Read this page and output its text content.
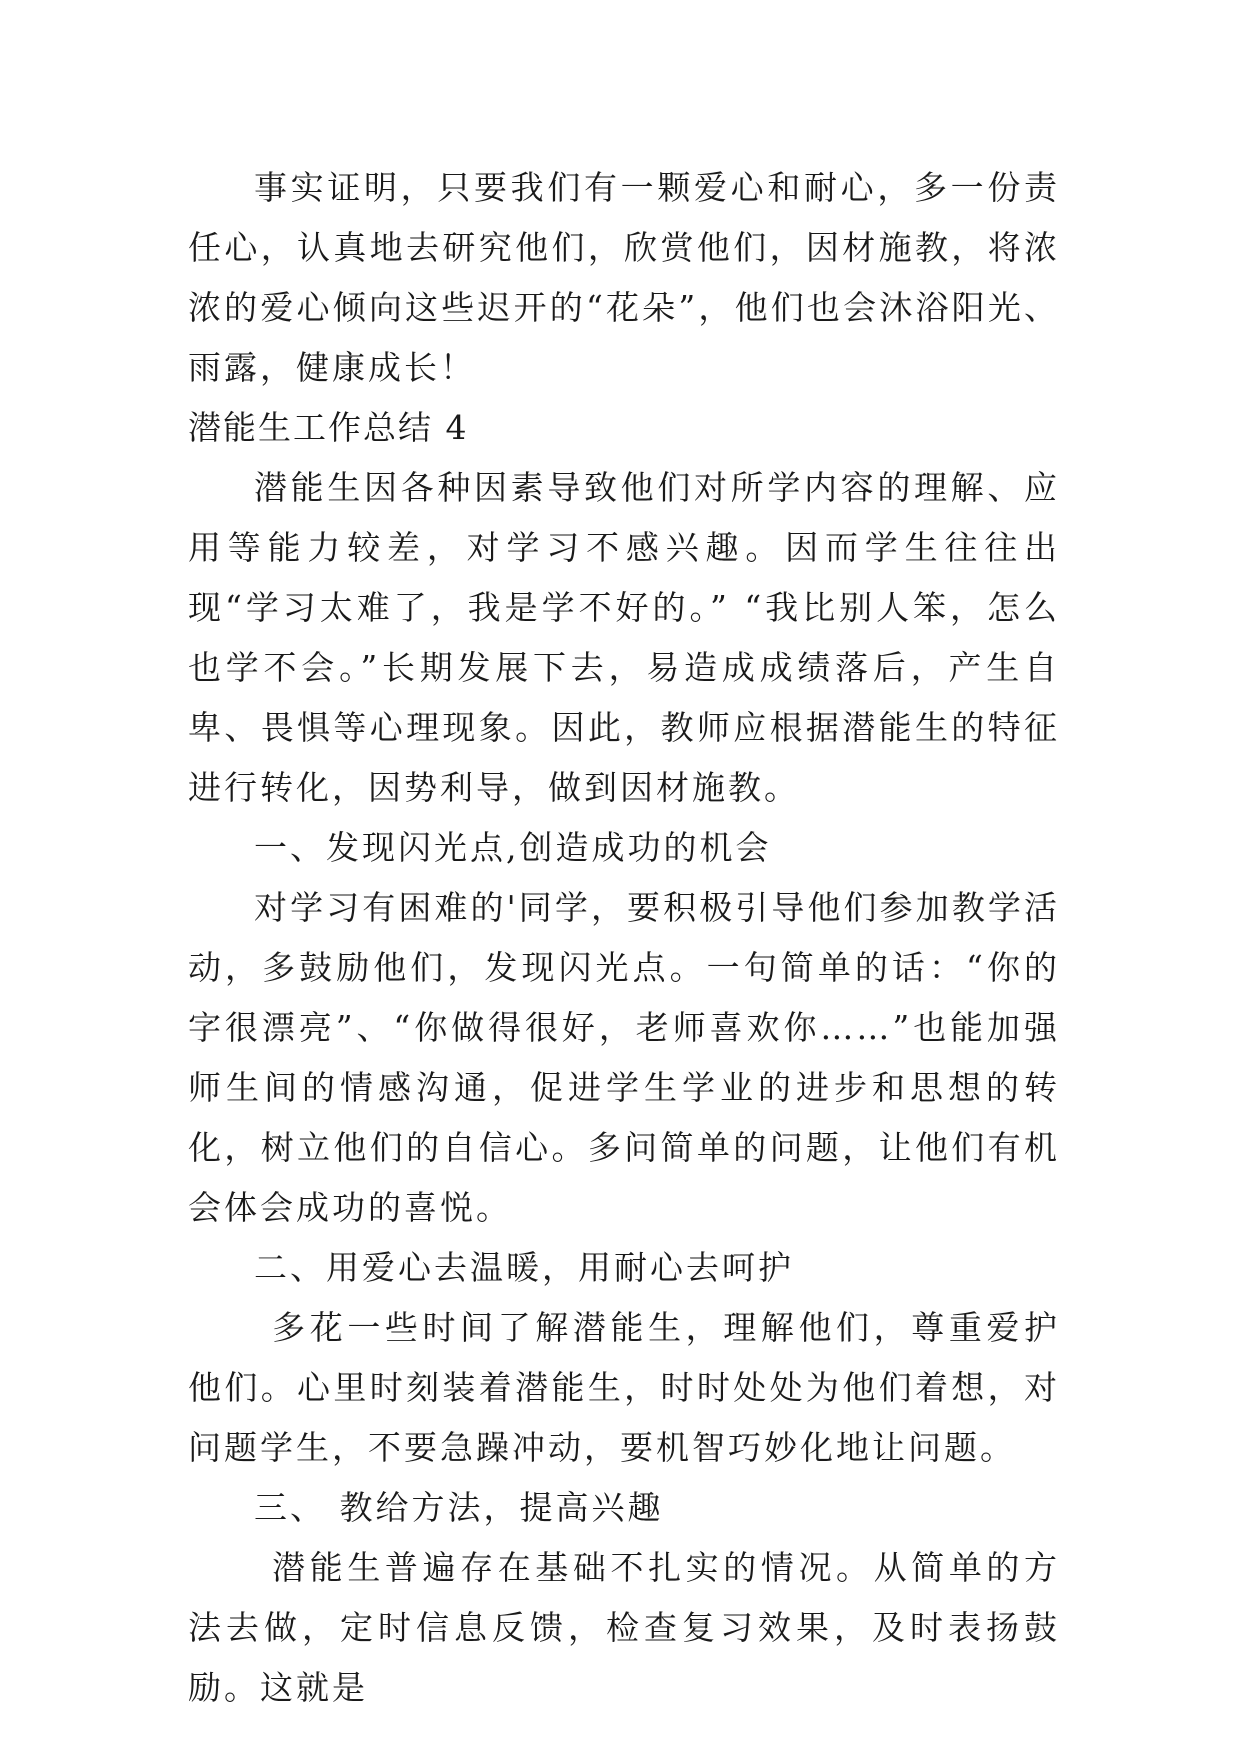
事实证明，只要我们有一颗爱心和耐心，多一份责任心，认真地去研究他们，欣赏他们，因材施教，将浓浓的爱心倾向这些迟开的“花朵”，他们也会沐浴阳光、雨露，健康成长！

潜能生工作总结 4

潜能生因各种因素导致他们对所学内容的理解、应用等能力较差，对学习不感兴趣。因而学生往往出现“学习太难了，我是学不好的。” “我比别人笨，怎么也学不会。”长期发展下去，易造成成绩落后，产生自卑、畏惧等心理现象。因此，教师应根据潜能生的特征进行转化，因势利导，做到因材施教。

一、发现闪光点,创造成功的机会

对学习有困难的'同学，要积极引导他们参加教学活动，多鼓励他们，发现闪光点。一句简单的话：“你的字很漂亮”、“你做得很好，老师喜欢你……”也能加强师生间的情感沟通，促进学生学业的进步和思想的转化，树立他们的自信心。多问简单的问题，让他们有机会体会成功的喜悦。

二、用爱心去温暖，用耐心去呵护

多花一些时间了解潜能生，理解他们，尊重爱护他们。心里时刻装着潜能生，时时处处为他们着想，对问题学生，不要急躁冲动，要机智巧妙化地让问题。

三、 教给方法，提高兴趣

潜能生普遍存在基础不扎实的情况。从简单的方法去做，定时信息反馈，检查复习效果，及时表扬鼓励。这就是
